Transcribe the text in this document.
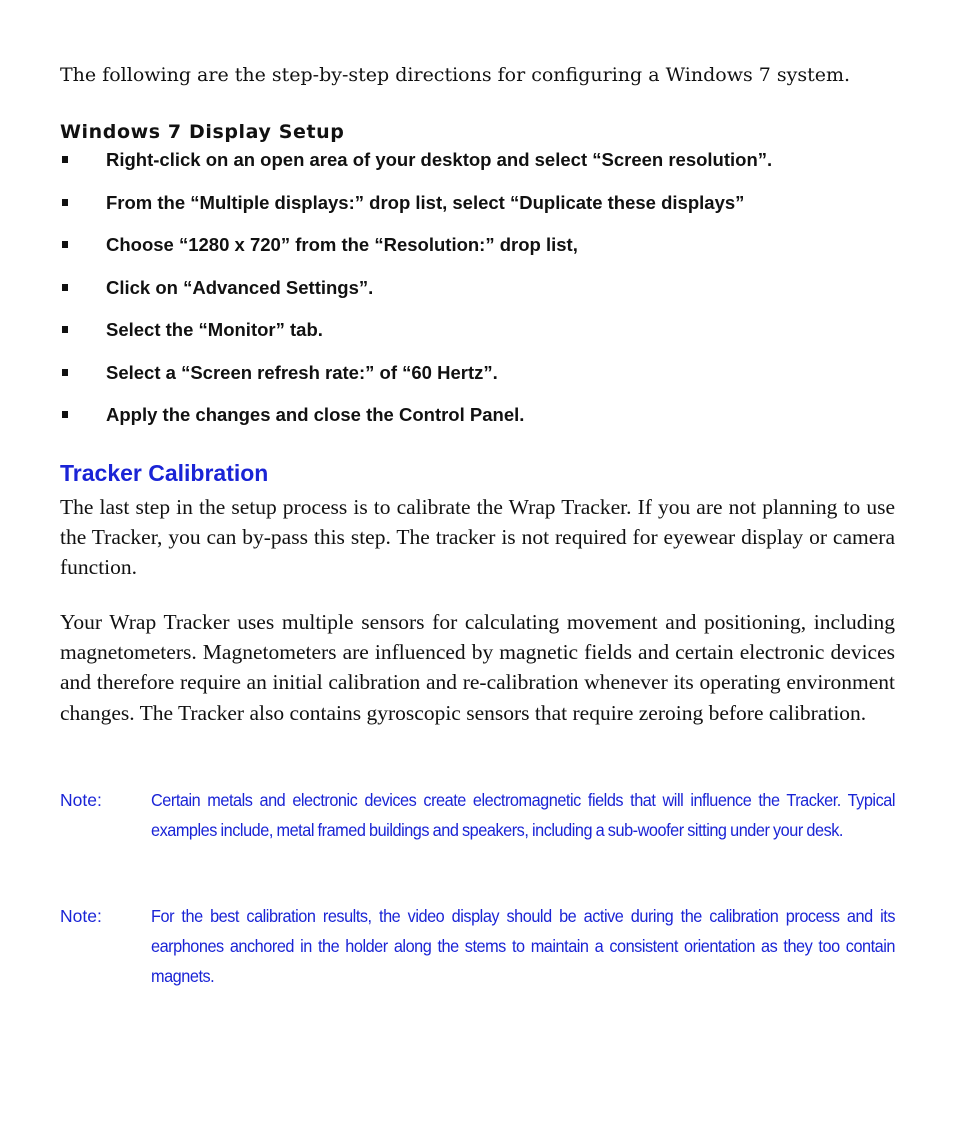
The following are the step-by-step directions for configuring a Windows 7 system.

Windows 7 Display Setup
Right-click on an open area of your desktop and select “Screen resolution”.
From the “Multiple displays:” drop list, select “Duplicate these displays”
Choose “1280 x 720” from the “Resolution:” drop list,
Click on “Advanced Settings”.
Select the “Monitor” tab.
Select a “Screen refresh rate:” of “60 Hertz”.
Apply the changes and close the Control Panel.
Tracker Calibration

The last step in the setup process is to calibrate the Wrap Tracker. If you are not planning to use the Tracker, you can by-pass this step. The tracker is not required for eyewear display or camera function.

Your Wrap Tracker uses multiple sensors for calculating movement and positioning, including magnetometers. Magnetometers are influenced by magnetic fields and certain electronic devices and therefore require an initial calibration and re-calibration whenever its operating environment changes. The Tracker also contains gyroscopic sensors that require zeroing before calibration.

Note:	Certain metals and electronic devices create electromagnetic fields that will influence the Tracker. Typical examples include, metal framed buildings and speakers, including a sub-woofer sitting under your desk.
Note:	For the best calibration results, the video display should be active during the calibration process and its earphones anchored in the holder along the stems to maintain a consistent orientation as they too contain magnets.
